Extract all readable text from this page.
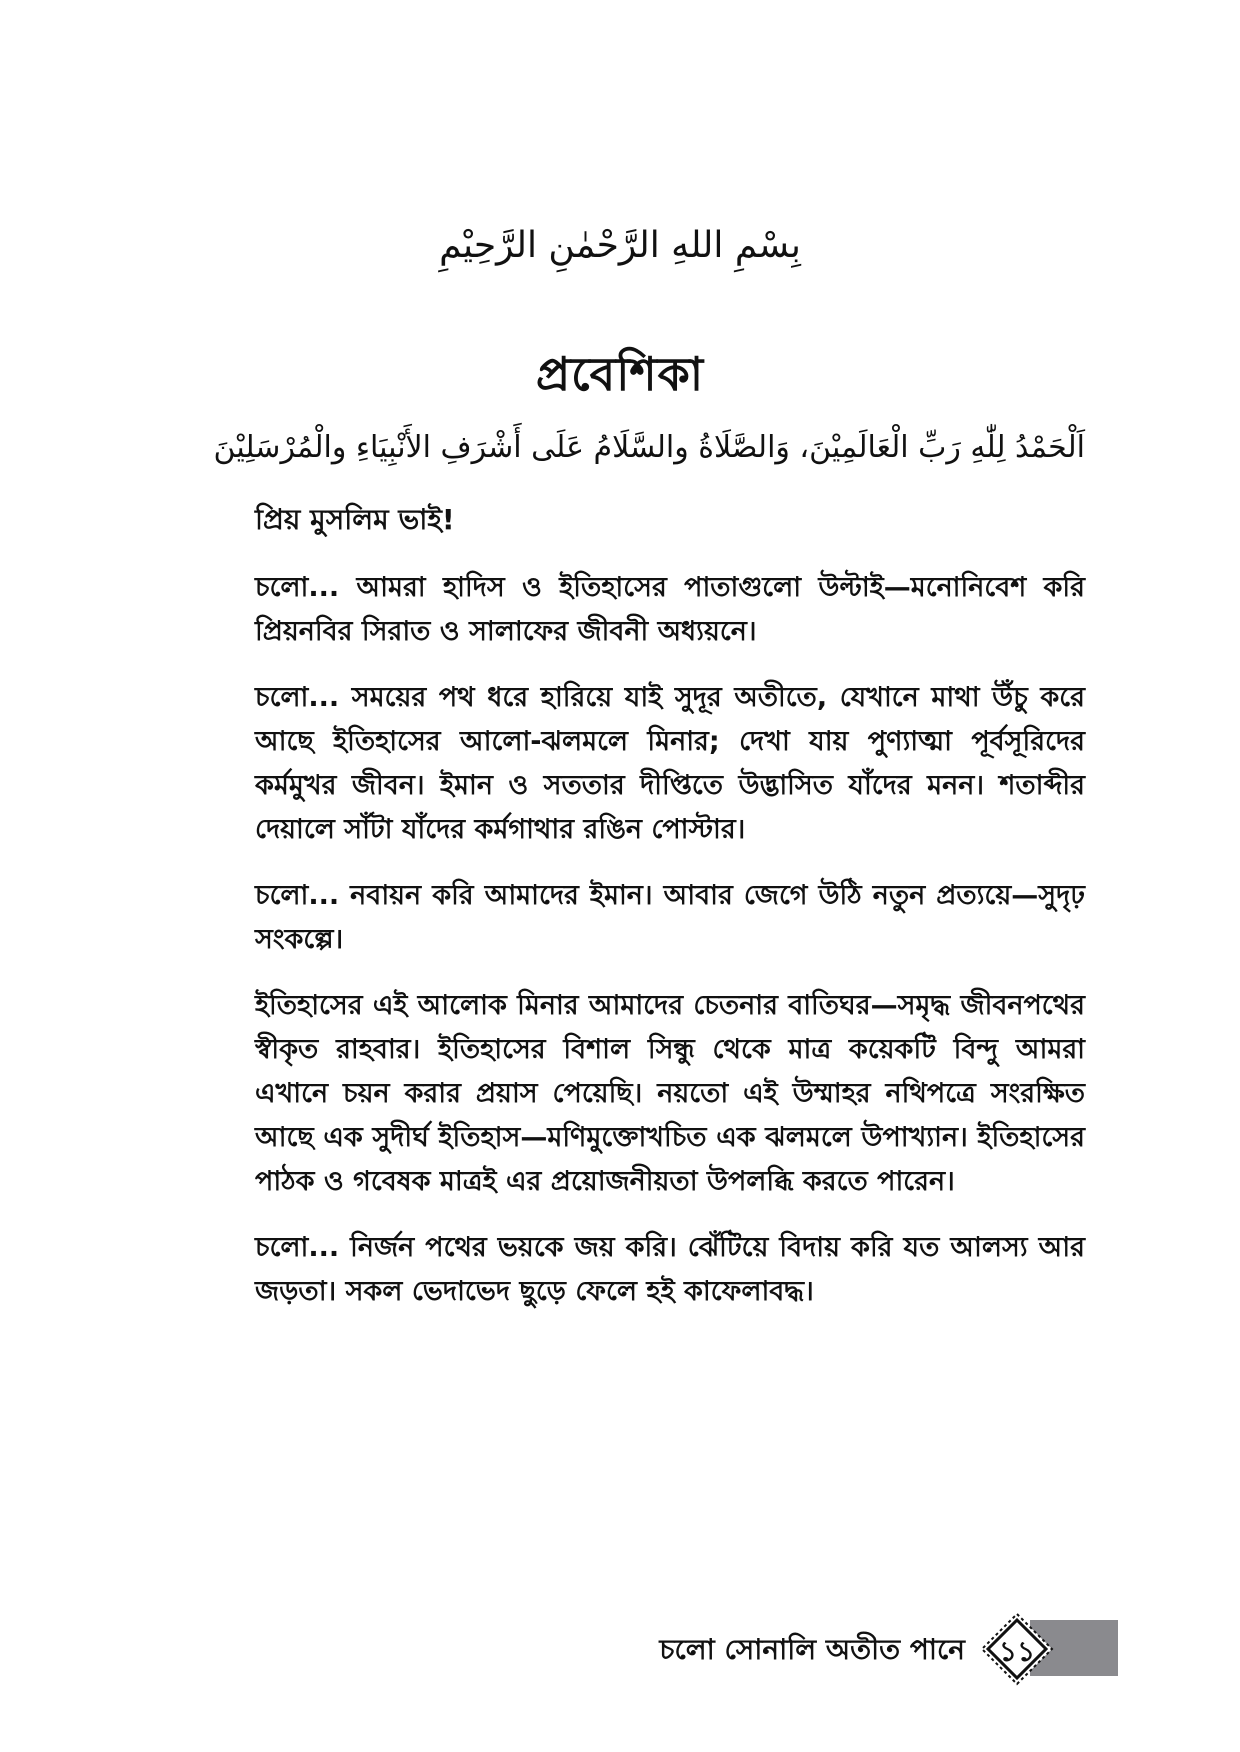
بِسْمِ اللهِ الرَّحْمٰنِ الرَّحِيْمِ
প্রবেশিকা
اَلْحَمْدُ لِلّٰهِ رَبِّ الْعَالَمِيْنَ، وَالصَّلَاةُ والسَّلَامُ عَلَى أَشْرَفِ الأَنْبِيَاءِ والْمُرْسَلِيْنَ

প্রিয় মুসলিম ভাই!

চলো... আমরা হাদিস ও ইতিহাসের পাতাগুলো উল্টাই—মনোনিবেশ করি প্রিয়নবির সিরাত ও সালাফের জীবনী অধ্যয়নে।

চলো... সময়ের পথ ধরে হারিয়ে যাই সুদূর অতীতে, যেখানে মাথা উঁচু করে আছে ইতিহাসের আলো-ঝলমলে মিনার; দেখা যায় পুণ্যাত্মা পূর্বসূরিদের কর্মমুখর জীবন। ইমান ও সততার দীপ্তিতে উদ্ভাসিত যাঁদের মনন। শতাব্দীর দেয়ালে সাঁটা যাঁদের কর্মগাথার রঙিন পোস্টার।

চলো... নবায়ন করি আমাদের ইমান। আবার জেগে উঠি নতুন প্রত্যয়ে—সুদৃঢ় সংকল্পে।

ইতিহাসের এই আলোক মিনার আমাদের চেতনার বাতিঘর—সমৃদ্ধ জীবনপথের স্বীকৃত রাহবার। ইতিহাসের বিশাল সিন্ধু থেকে মাত্র কয়েকটি বিন্দু আমরা এখানে চয়ন করার প্রয়াস পেয়েছি। নয়তো এই উম্মাহর নথিপত্রে সংরক্ষিত আছে এক সুদীর্ঘ ইতিহাস—মণিমুক্তোখচিত এক ঝলমলে উপাখ্যান। ইতিহাসের পাঠক ও গবেষক মাত্রই এর প্রয়োজনীয়তা উপলব্ধি করতে পারেন।

চলো... নির্জন পথের ভয়কে জয় করি। ঝেঁটিয়ে বিদায় করি যত আলস্য আর জড়তা। সকল ভেদাভেদ ছুড়ে ফেলে হই কাফেলাবদ্ধ।

চলো সোনালি অতীত পানে	১১
